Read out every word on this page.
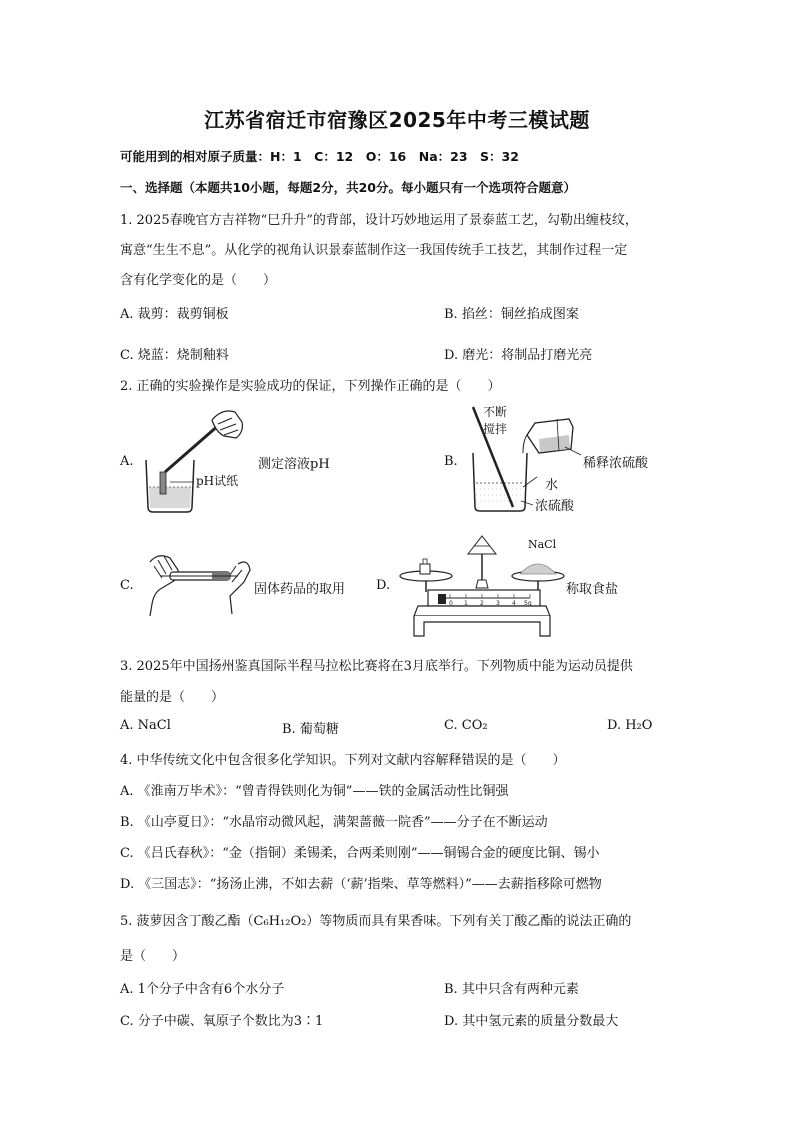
江苏省宿迁市宿豫区2025年中考三模试题
可能用到的相对原子质量：H：1　C：12　O：16　Na：23　S：32
一、选择题（本题共10小题，每题2分，共20分。每小题只有一个选项符合题意）
1. 2025春晚官方吉祥物“巳升升”的背部，设计巧妙地运用了景泰蓝工艺，勾勒出缠枝纹，
寓意“生生不息”。从化学的视角认识景泰蓝制作这一我国传统手工技艺，其制作过程一定
含有化学变化的是（　　）
A. 裁剪：裁剪铜板	B. 掐丝：铜丝掐成图案
C. 烧蓝：烧制釉料	D. 磨光：将制品打磨光亮
2. 正确的实验操作是实验成功的保证，下列操作正确的是（　　）
A.
pH试纸
测定溶液pH	B.
不断
搅拌
稀释浓硫酸
水
浓硫酸
C.	固体药品的取用 D.
NaCl
0 1 2 3 4 5g
称取食盐
3. 2025年中国扬州鉴真国际半程马拉松比赛将在3月底举行。下列物质中能为运动员提供
能量的是（　　）
A. NaCl	B. 葡萄糖	C. CO₂	D. H₂O
4. 中华传统文化中包含很多化学知识。下列对文献内容解释错误的是（　　）
A. 《淮南万毕术》：“曾青得铁则化为铜”——铁的金属活动性比铜强
B. 《山亭夏日》：“水晶帘动微风起，满架蔷薇一院香”——分子在不断运动
C. 《吕氏春秋》：“金（指铜）柔锡柔，合两柔则刚”——铜锡合金的硬度比铜、锡小
D. 《三国志》：“扬汤止沸，不如去薪（‘薪’指柴、草等燃料）”——去薪指移除可燃物
5. 菠萝因含丁酸乙酯（C₆H₁₂O₂）等物质而具有果香味。下列有关丁酸乙酯的说法正确的
是（　　）
A. 1个分子中含有6个水分子	B. 其中只含有两种元素
C. 分子中碳、氧原子个数比为3∶1	D. 其中氢元素的质量分数最大
